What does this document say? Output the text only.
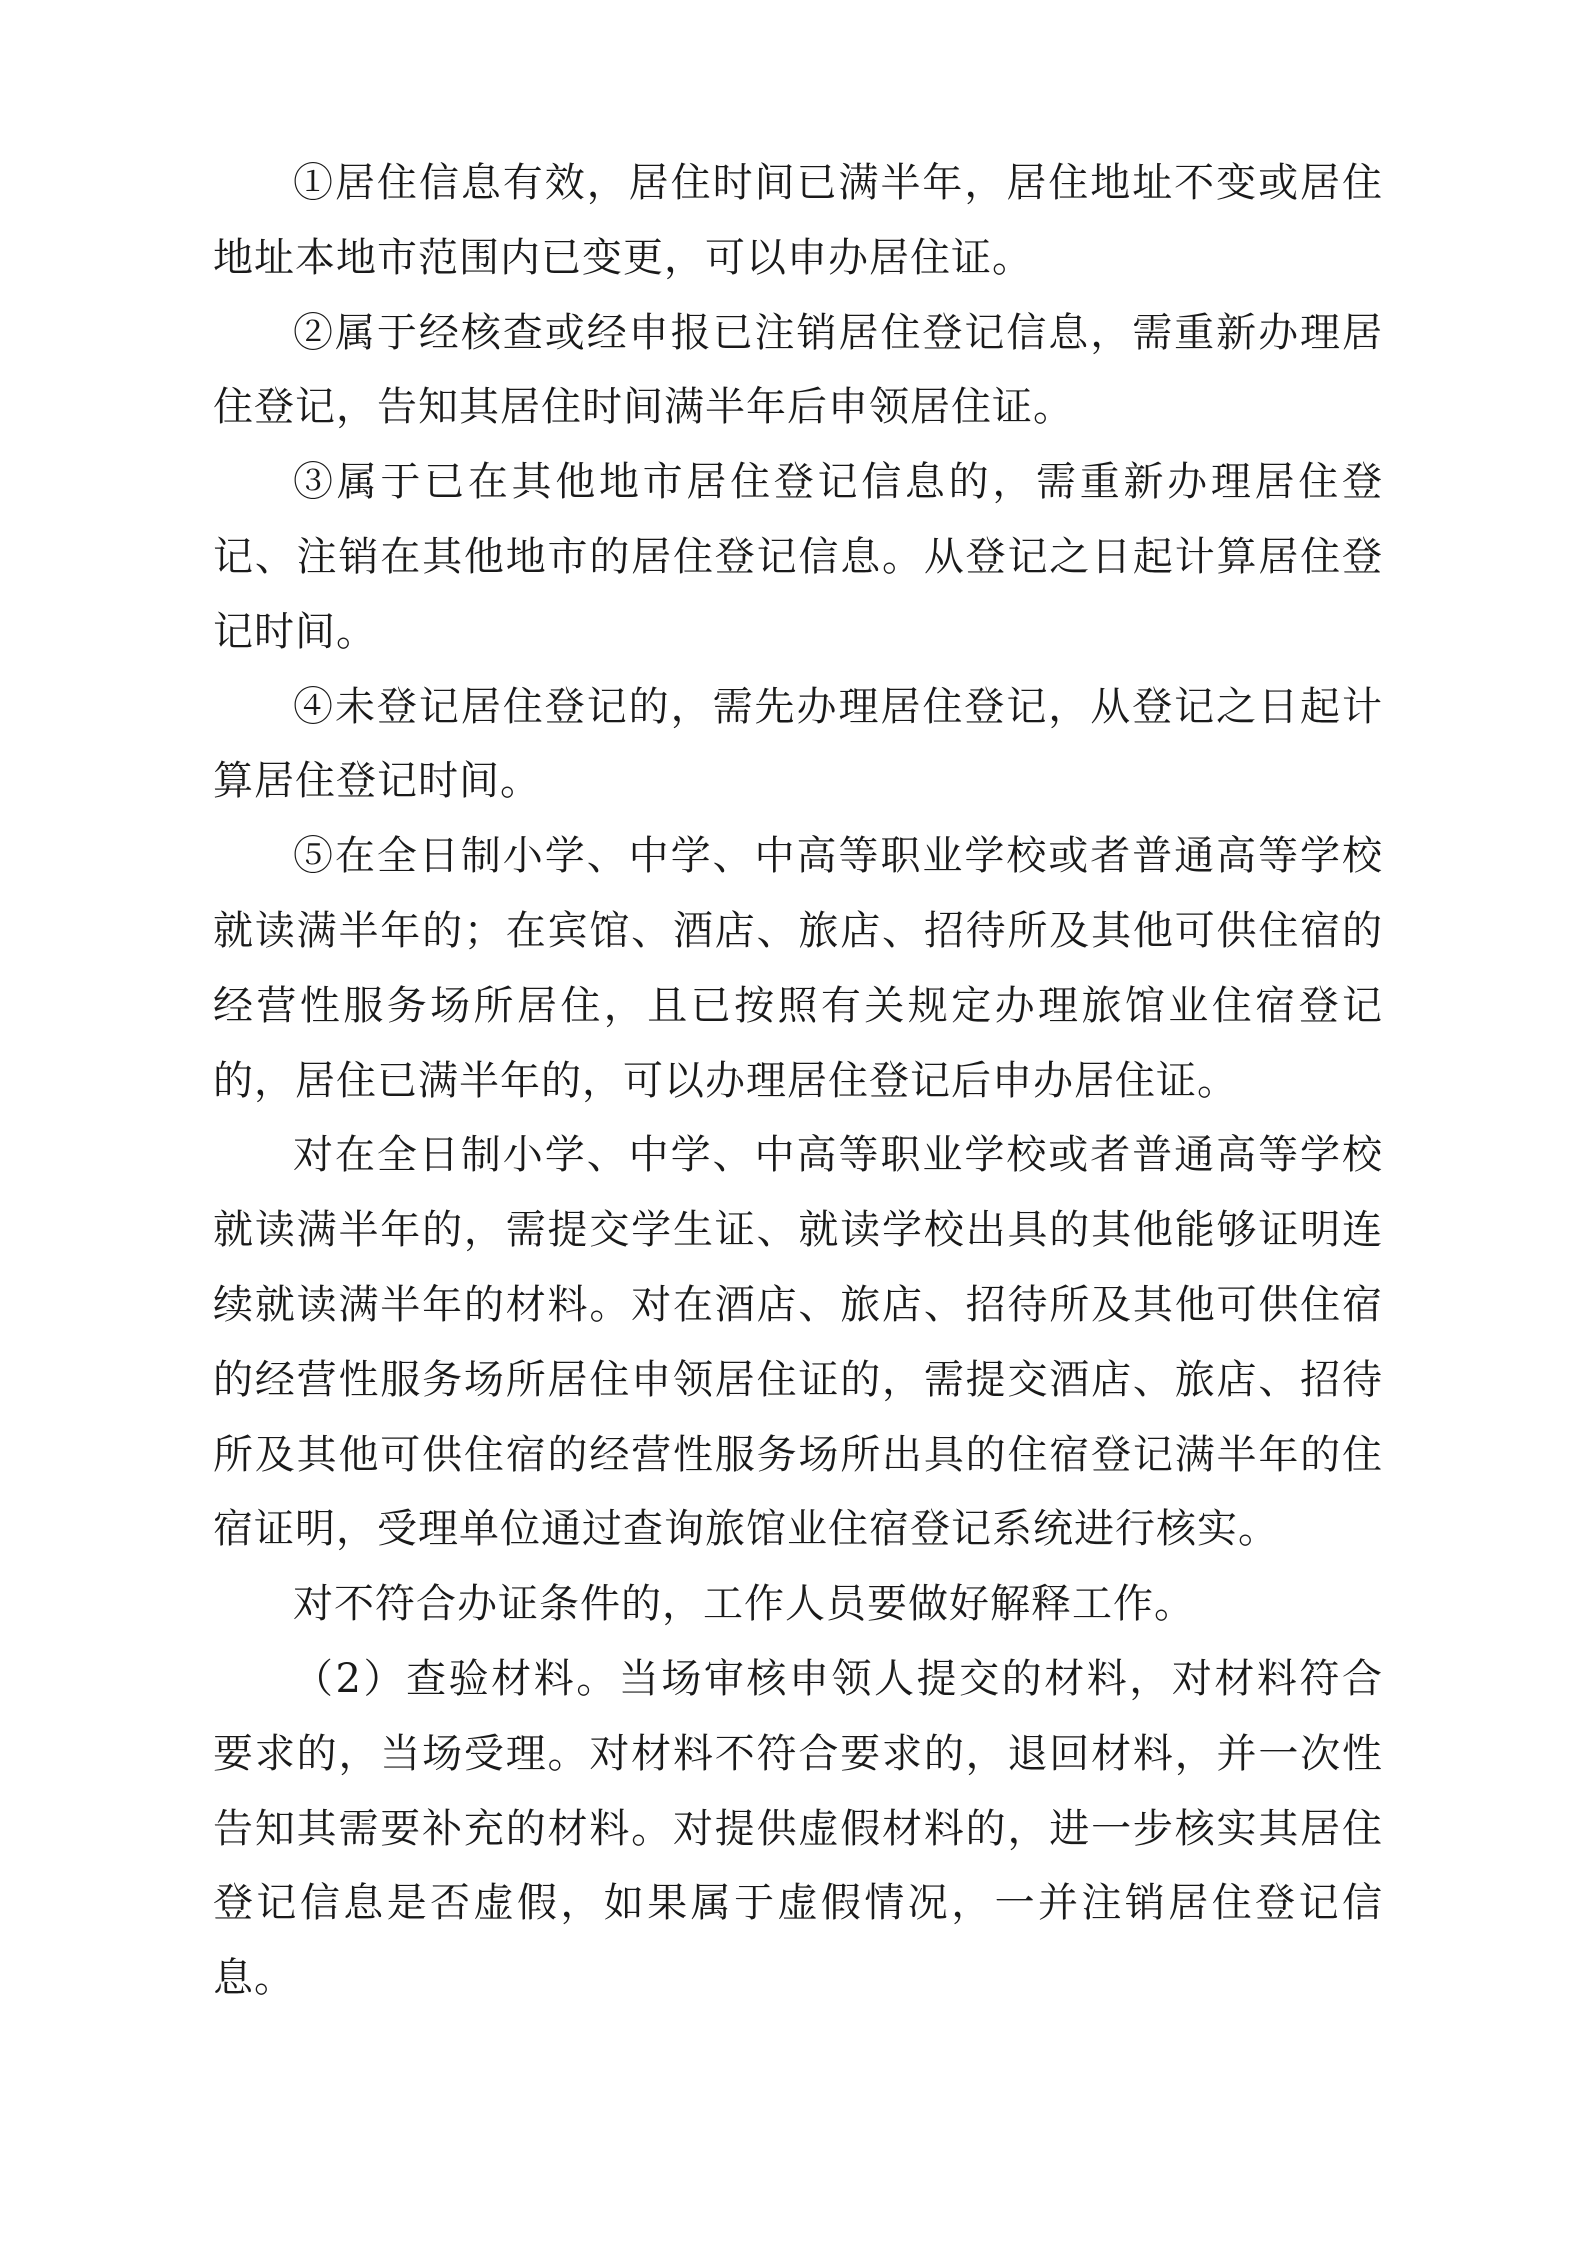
①居住信息有效，居住时间已满半年，居住地址不变或居住地址本地市范围内已变更，可以申办居住证。

②属于经核查或经申报已注销居住登记信息，需重新办理居住登记，告知其居住时间满半年后申领居住证。

③属于已在其他地市居住登记信息的，需重新办理居住登记、注销在其他地市的居住登记信息。从登记之日起计算居住登记时间。

④未登记居住登记的，需先办理居住登记，从登记之日起计算居住登记时间。

⑤在全日制小学、中学、中高等职业学校或者普通高等学校就读满半年的；在宾馆、酒店、旅店、招待所及其他可供住宿的经营性服务场所居住，且已按照有关规定办理旅馆业住宿登记的，居住已满半年的，可以办理居住登记后申办居住证。

对在全日制小学、中学、中高等职业学校或者普通高等学校就读满半年的，需提交学生证、就读学校出具的其他能够证明连续就读满半年的材料。对在酒店、旅店、招待所及其他可供住宿的经营性服务场所居住申领居住证的，需提交酒店、旅店、招待所及其他可供住宿的经营性服务场所出具的住宿登记满半年的住宿证明，受理单位通过查询旅馆业住宿登记系统进行核实。

对不符合办证条件的，工作人员要做好解释工作。

（2）查验材料。当场审核申领人提交的材料，对材料符合要求的，当场受理。对材料不符合要求的，退回材料，并一次性告知其需要补充的材料。对提供虚假材料的，进一步核实其居住登记信息是否虚假，如果属于虚假情况，一并注销居住登记信息。
